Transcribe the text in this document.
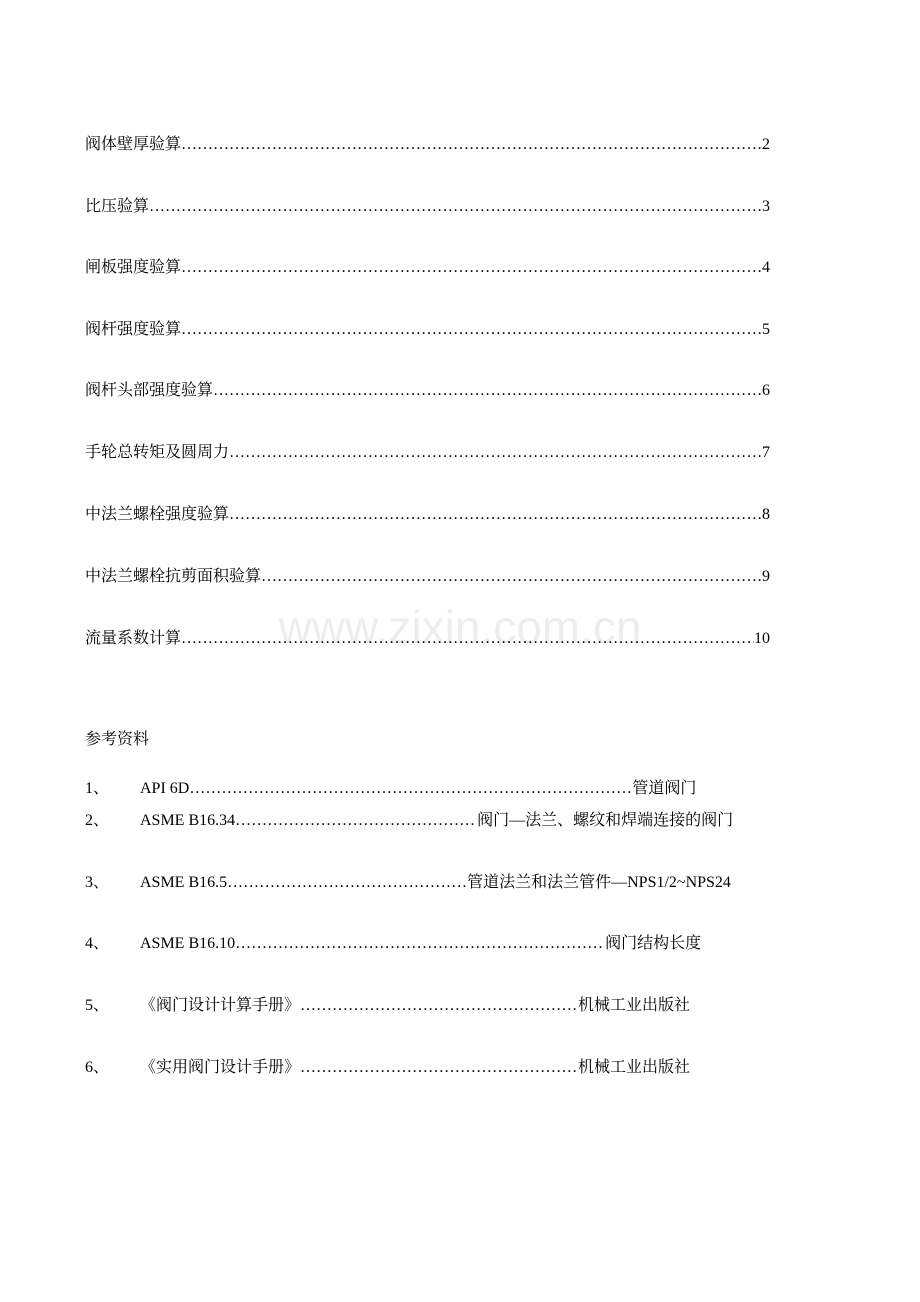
www.zixin.com.cn
阀体壁厚验算 ……………………………………………………………………………………………………………………………………………………………………………………………………	2
比压验算 ……………………………………………………………………………………………………………………………………………………………………………………………………	3
闸板强度验算 ……………………………………………………………………………………………………………………………………………………………………………………………………	4
阀杆强度验算 ……………………………………………………………………………………………………………………………………………………………………………………………………	5
阀杆头部强度验算 ……………………………………………………………………………………………………………………………………………………………………………………………………	6
手轮总转矩及圆周力 ……………………………………………………………………………………………………………………………………………………………………………………………………	7
中法兰螺栓强度验算 ……………………………………………………………………………………………………………………………………………………………………………………………………	8
中法兰螺栓抗剪面积验算 ……………………………………………………………………………………………………………………………………………………………………………………………………	9
流量系数计算 ……………………………………………………………………………………………………………………………………………………………………………………………………	10
参考资料
1、 API 6D ……………………………………………………………………………………………………………………………………	管道阀门
2、 ASME B16.34 ……………………………………………………………………………………………………………………………………	阀门—法兰、螺纹和焊端连接的阀门
3、 ASME B16.5 ……………………………………………………………………………………………………………………………………	管道法兰和法兰管件—NPS1/2~NPS24
4、 ASME B16.10 ……………………………………………………………………………………………………………………………………	阀门结构长度
5、 《阀门设计计算手册》 ……………………………………………………………………………………………………………………………………	机械工业出版社
6、 《实用阀门设计手册》 ……………………………………………………………………………………………………………………………………	机械工业出版社
